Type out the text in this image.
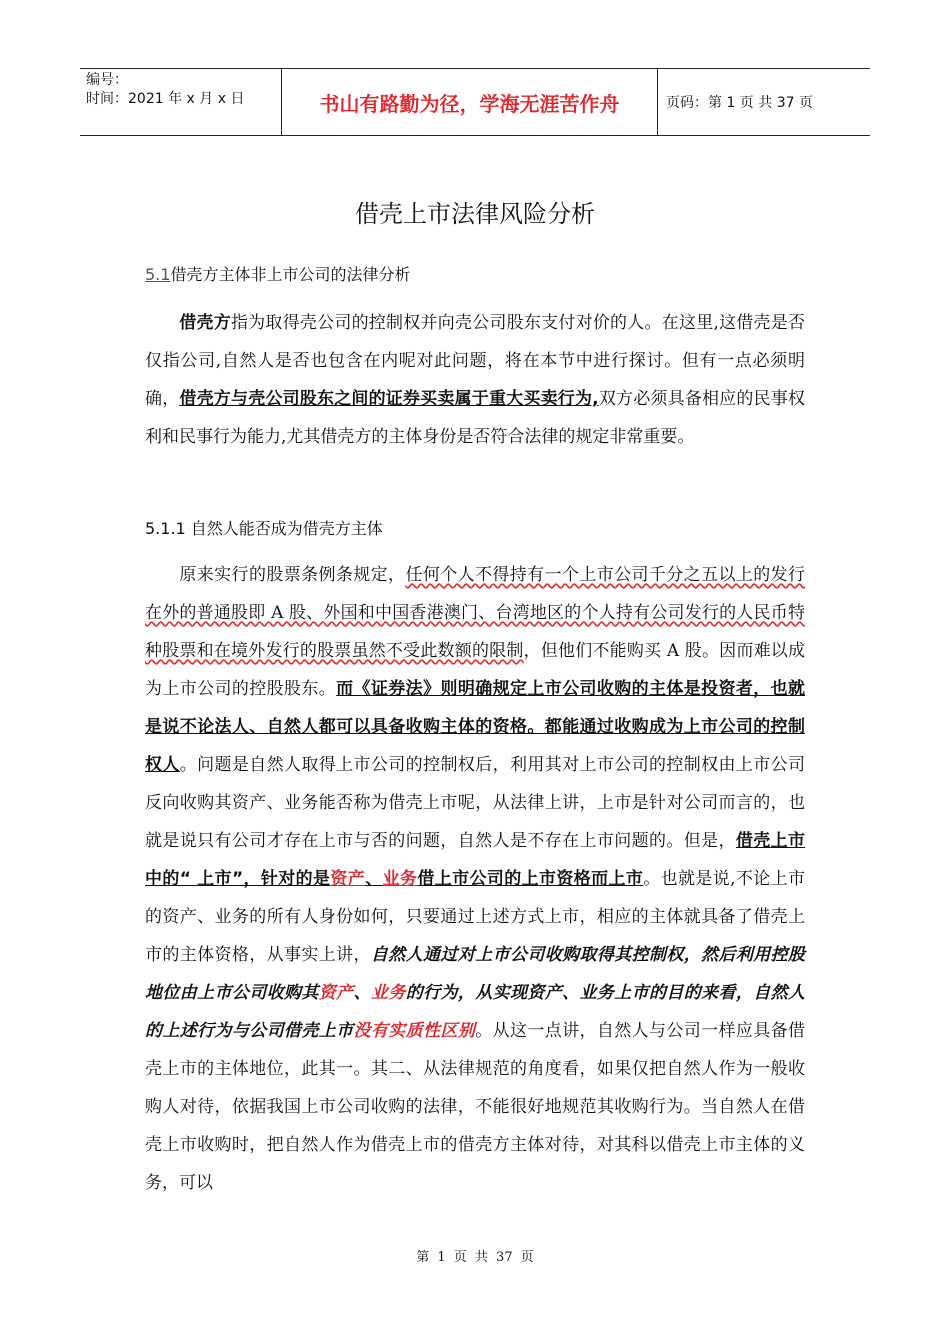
编号：
时间：2021 年 x 月 x 日	书山有路勤为径，学海无涯苦作舟	页码：第 1 页 共 37 页
借壳上市法律风险分析
5.1借壳方主体非上市公司的法律分析
借壳方指为取得壳公司的控制权并向壳公司股东支付对价的人。在这里,这借壳是否仅指公司,自然人是否也包含在内呢对此问题，将在本节中进行探讨。但有一点必须明确，借壳方与壳公司股东之间的证券买卖属于重大买卖行为,双方必须具备相应的民事权利和民事行为能力,尤其借壳方的主体身份是否符合法律的规定非常重要。
5.1.1 自然人能否成为借壳方主体
原来实行的股票条例条规定，任何个人不得持有一个上市公司千分之五以上的发行在外的普通股即 A 股、外国和中国香港澳门、台湾地区的个人持有公司发行的人民币特种股票和在境外发行的股票虽然不受此数额的限制，但他们不能购买 A 股。因而难以成为上市公司的控股股东。而《证券法》则明确规定上市公司收购的主体是投资者，也就是说不论法人、自然人都可以具备收购主体的资格。都能通过收购成为上市公司的控制权人。问题是自然人取得上市公司的控制权后，利用其对上市公司的控制权由上市公司反向收购其资产、业务能否称为借壳上市呢，从法律上讲，上市是针对公司而言的，也就是说只有公司才存在上市与否的问题，自然人是不存在上市问题的。但是，借壳上市中的“ 上市”，针对的是资产、业务借上市公司的上市资格而上市。也就是说,不论上市的资产、业务的所有人身份如何，只要通过上述方式上市，相应的主体就具备了借壳上市的主体资格，从事实上讲，自然人通过对上市公司收购取得其控制权，然后利用控股地位由上市公司收购其资产、业务的行为，从实现资产、业务上市的目的来看，自然人的上述行为与公司借壳上市没有实质性区别。从这一点讲，自然人与公司一样应具备借壳上市的主体地位，此其一。其二、从法律规范的角度看，如果仅把自然人作为一般收购人对待，依据我国上市公司收购的法律，不能很好地规范其收购行为。当自然人在借壳上市收购时，把自然人作为借壳上市的借壳方主体对待，对其科以借壳上市主体的义务，可以
第 1 页 共 37 页
